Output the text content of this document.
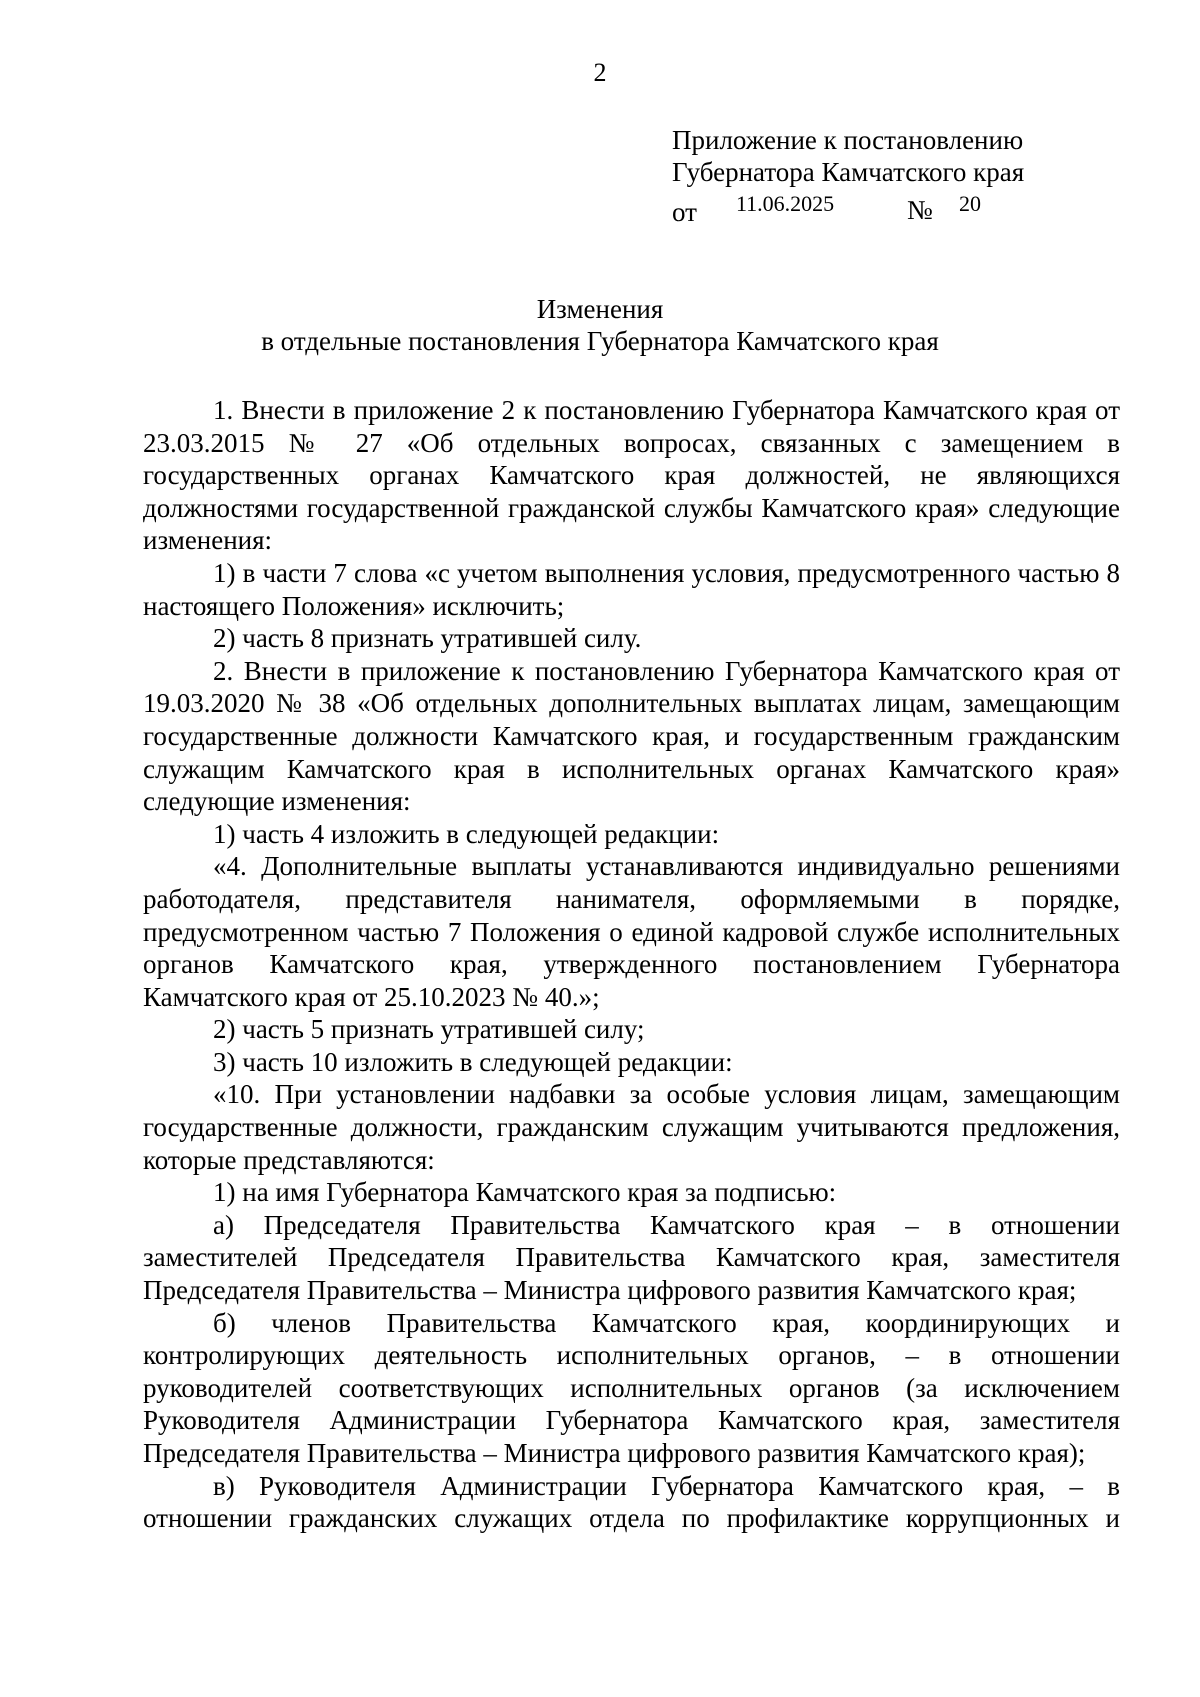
2
Приложение к постановлению
Губернатора Камчатского края
от 11.06.2025	№ 20
Изменения
в отдельные постановления Губернатора Камчатского края

1. Внести в приложение 2 к постановлению Губернатора Камчатского края от 23.03.2015 № 27 «Об отдельных вопросах, связанных с замещением в государственных органах Камчатского края должностей, не являющихся должностями государственной гражданской службы Камчатского края» следующие изменения:

1) в части 7 слова «с учетом выполнения условия, предусмотренного частью 8 настоящего Положения» исключить;

2) часть 8 признать утратившей силу.

2. Внести в приложение к постановлению Губернатора Камчатского края от 19.03.2020 № 38 «Об отдельных дополнительных выплатах лицам, замещающим государственные должности Камчатского края, и государственным гражданским служащим Камчатского края в исполнительных органах Камчатского края» следующие изменения:

1) часть 4 изложить в следующей редакции:

«4. Дополнительные выплаты устанавливаются индивидуально решениями работодателя, представителя нанимателя, оформляемыми в порядке, предусмотренном частью 7 Положения о единой кадровой службе исполнительных органов Камчатского края, утвержденного постановлением Губернатора Камчатского края от 25.10.2023 № 40.»;

2) часть 5 признать утратившей силу;

3) часть 10 изложить в следующей редакции:

«10. При установлении надбавки за особые условия лицам, замещающим государственные должности, гражданским служащим учитываются предложения, которые представляются:

1) на имя Губернатора Камчатского края за подписью:

а) Председателя Правительства Камчатского края – в отношении заместителей Председателя Правительства Камчатского края, заместителя Председателя Правительства – Министра цифрового развития Камчатского края;

б) членов Правительства Камчатского края, координирующих и контролирующих деятельность исполнительных органов, – в отношении руководителей соответствующих исполнительных органов (за исключением Руководителя Администрации Губернатора Камчатского края, заместителя Председателя Правительства – Министра цифрового развития Камчатского края);

в) Руководителя Администрации Губернатора Камчатского края, – в отношении гражданских служащих отдела по профилактике коррупционных и
